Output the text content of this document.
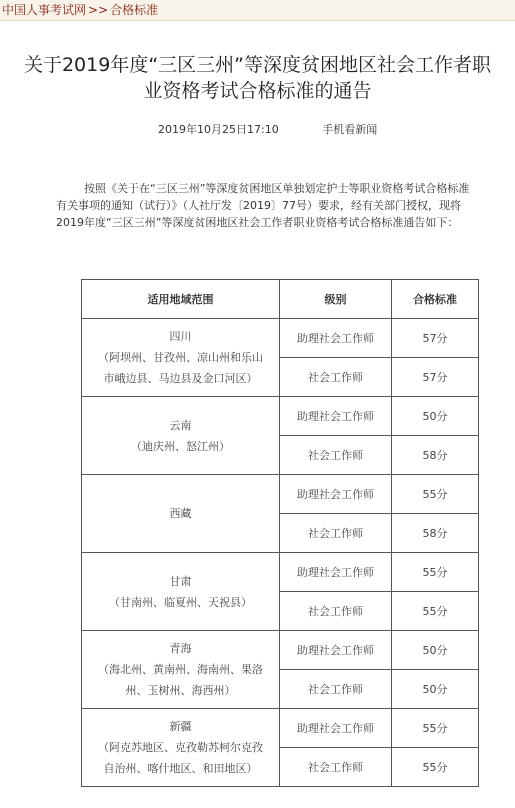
中国人事考试网 >> 合格标准
关于2019年度“三区三州”等深度贫困地区社会工作者职业资格考试合格标准的通告
2019年10月25日17:10	手机看新闻
按照《关于在“三区三州”等深度贫困地区单独划定护士等职业资格考试合格标准有关事项的通知（试行）》（人社厅发〔2019〕77号）要求，经有关部门授权，现将2019年度“三区三州”等深度贫困地区社会工作者职业资格考试合格标准通告如下：
适用地域范围	级别	合格标准

四川
（阿坝州、甘孜州、凉山州和乐山市峨边县、马边县及金口河区）	助理社会工作师	57分
	社会工作师	57分

云南
（迪庆州、怒江州）	助理社会工作师	50分
	社会工作师	58分

西藏	助理社会工作师	55分
	社会工作师	58分

甘肃
（甘南州、临夏州、天祝县）	助理社会工作师	55分
	社会工作师	55分

青海
（海北州、黄南州、海南州、果洛州、玉树州、海西州）	助理社会工作师	50分
	社会工作师	50分

新疆
（阿克苏地区、克孜勒苏柯尔克孜自治州、喀什地区、和田地区）	助理社会工作师	55分
	社会工作师	55分
